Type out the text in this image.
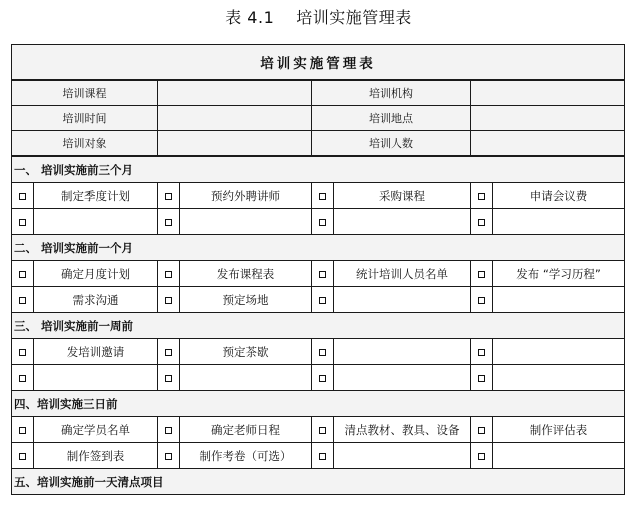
表 4.1 培训实施管理表
培训实施管理表							
培训课程				培训机构			
培训时间				培训地点			
培训对象				培训人数			
一、 培训实施前三个月							
	制定季度计划		预约外聘讲师		采购课程		申请会议费

二、 培训实施前一个月							
	确定月度计划		发布课程表		统计培训人员名单		发布 “学习历程”
	需求沟通		预定场地				
三、 培训实施前一周前							
	发培训邀请		预定茶歇				

四、培训实施三日前							
	确定学员名单		确定老师日程		清点教材、教具、设备		制作评估表
	制作签到表		制作考卷（可选）				
五、培训实施前一天清点项目							
